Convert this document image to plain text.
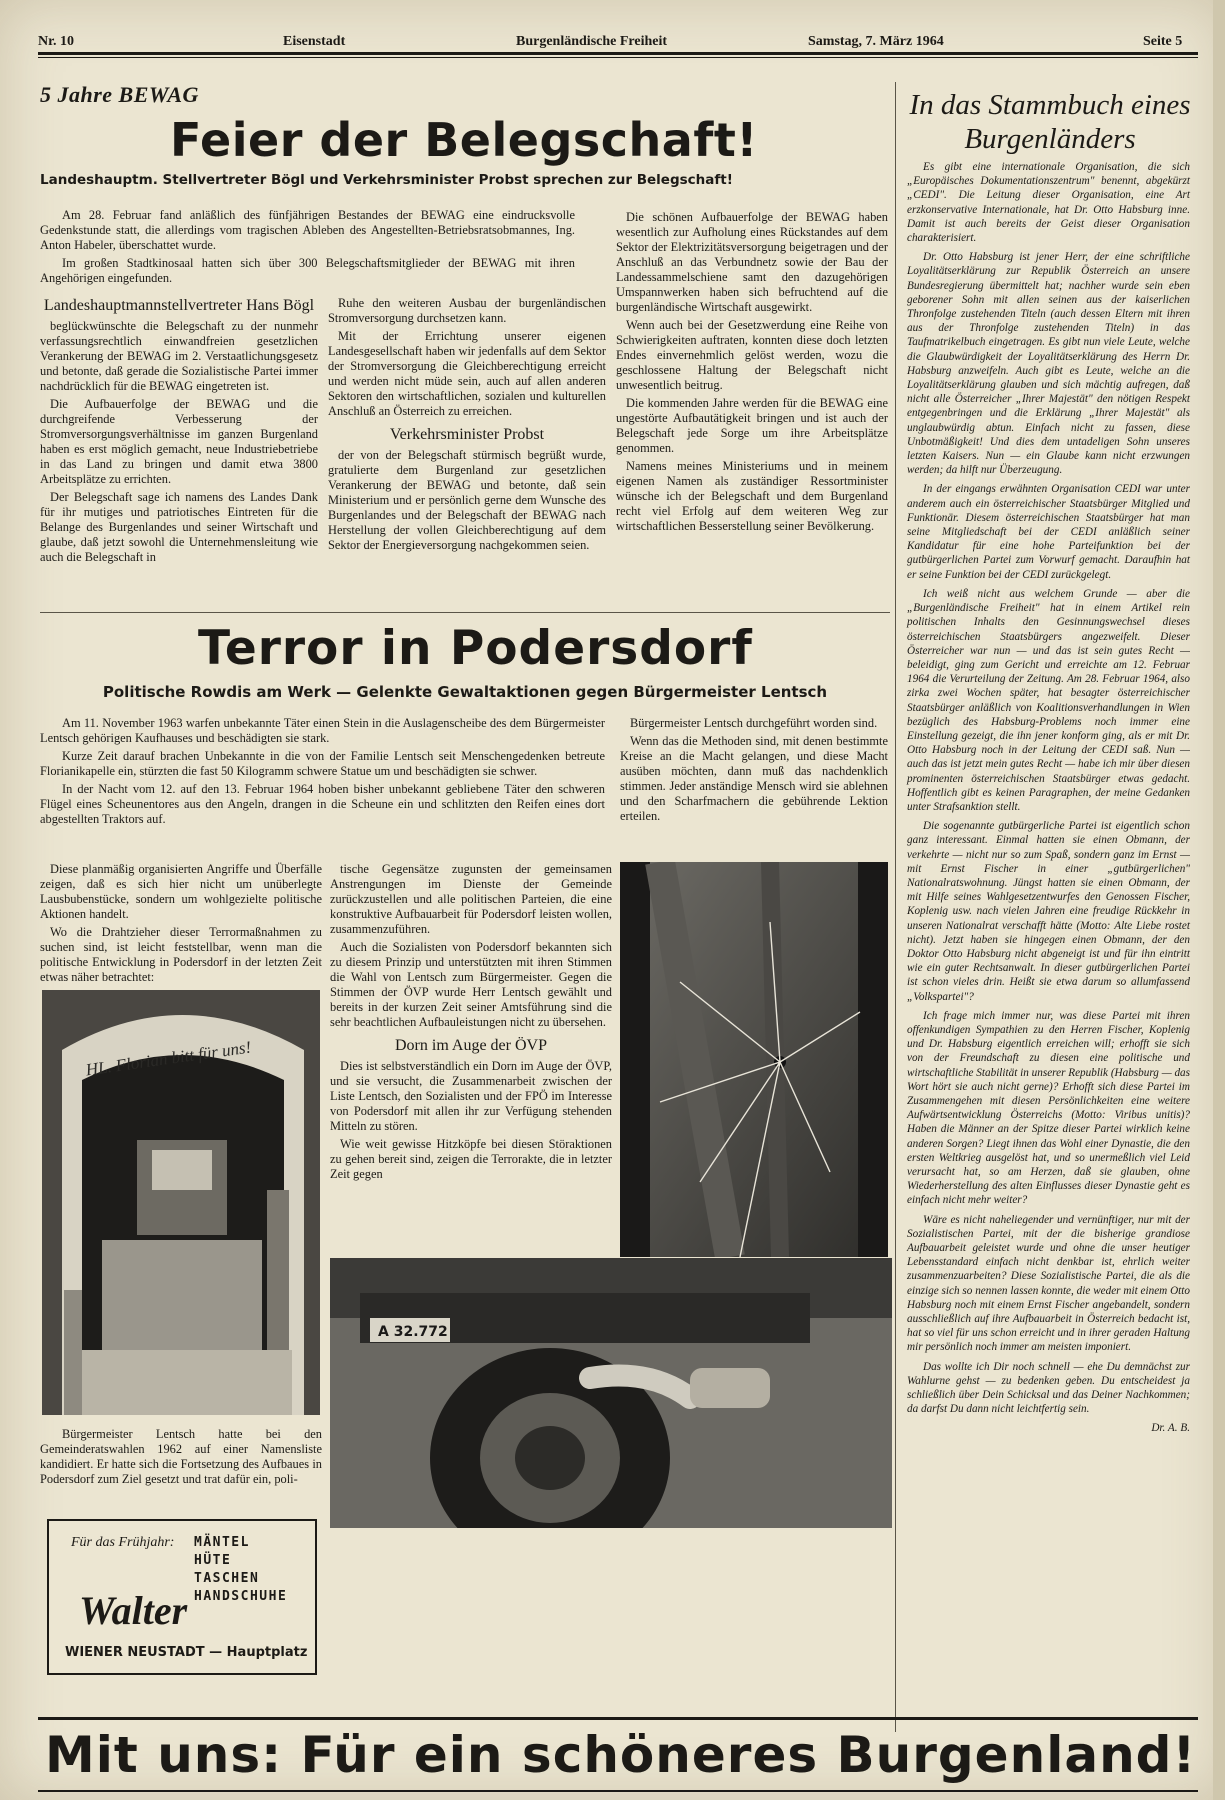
Nr. 10	Eisenstadt	Burgenländische Freiheit	Samstag, 7. März 1964	Seite 5
5 Jahre BEWAG
Feier der Belegschaft!
Landeshauptm. Stellvertreter Bögl und Verkehrsminister Probst sprechen zur Belegschaft!

Am 28. Februar fand anläßlich des fünfjährigen Bestandes der BEWAG eine eindrucksvolle Gedenkstunde statt, die allerdings vom tragischen Ableben des Angestellten-Betriebsratsobmannes, Ing. Anton Habeler, überschattet wurde.

Im großen Stadtkinosaal hatten sich über 300 Belegschaftsmitglieder der BEWAG mit ihren Angehörigen eingefunden.

Landeshauptmannstellvertreter Hans Bögl

beglückwünschte die Belegschaft zu der nunmehr verfassungsrechtlich einwandfreien gesetzlichen Verankerung der BEWAG im 2. Verstaatlichungsgesetz und betonte, daß gerade die Sozialistische Partei immer nachdrücklich für die BEWAG eingetreten ist.

Die Aufbauerfolge der BEWAG und die durchgreifende Verbesserung der Stromversorgungsverhältnisse im ganzen Burgenland haben es erst möglich gemacht, neue Industriebetriebe in das Land zu bringen und damit etwa 3800 Arbeitsplätze zu errichten.

Der Belegschaft sage ich namens des Landes Dank für ihr mutiges und patriotisches Eintreten für die Belange des Burgenlandes und seiner Wirtschaft und glaube, daß jetzt sowohl die Unternehmensleitung wie auch die Belegschaft in

Ruhe den weiteren Ausbau der burgenländischen Stromversorgung durchsetzen kann.

Mit der Errichtung unserer eigenen Landesgesellschaft haben wir jedenfalls auf dem Sektor der Stromversorgung die Gleichberechtigung erreicht und werden nicht müde sein, auch auf allen anderen Sektoren den wirtschaftlichen, sozialen und kulturellen Anschluß an Österreich zu erreichen.

Verkehrsminister Probst

der von der Belegschaft stürmisch begrüßt wurde, gratulierte dem Burgenland zur gesetzlichen Verankerung der BEWAG und betonte, daß sein Ministerium und er persönlich gerne dem Wunsche des Burgenlandes und der Belegschaft der BEWAG nach Herstellung der vollen Gleichberechtigung auf dem Sektor der Energieversorgung nachgekommen seien.

Die schönen Aufbauerfolge der BEWAG haben wesentlich zur Aufholung eines Rückstandes auf dem Sektor der Elektrizitätsversorgung beigetragen und der Anschluß an das Verbundnetz sowie der Bau der Landessammelschiene samt den dazugehörigen Umspannwerken haben sich befruchtend auf die burgenländische Wirtschaft ausgewirkt.

Wenn auch bei der Gesetzwerdung eine Reihe von Schwierigkeiten auftraten, konnten diese doch letzten Endes einvernehmlich gelöst werden, wozu die geschlossene Haltung der Belegschaft nicht unwesentlich beitrug.

Die kommenden Jahre werden für die BEWAG eine ungestörte Aufbautätigkeit bringen und ist auch der Belegschaft jede Sorge um ihre Arbeitsplätze genommen.

Namens meines Ministeriums und in meinem eigenen Namen als zuständiger Ressortminister wünsche ich der Belegschaft und dem Burgenland recht viel Erfolg auf dem weiteren Weg zur wirtschaftlichen Besserstellung seiner Bevölkerung.

In das Stammbuch eines Burgenländers

Es gibt eine internationale Organisation, die sich „Europäisches Dokumentationszentrum" benennt, abgekürzt „CEDI". Die Leitung dieser Organisation, eine Art erzkonservative Internationale, hat Dr. Otto Habsburg inne. Damit ist auch bereits der Geist dieser Organisation charakterisiert.

Dr. Otto Habsburg ist jener Herr, der eine schriftliche Loyalitätserklärung zur Republik Österreich an unsere Bundesregierung übermittelt hat; nachher wurde sein eben geborener Sohn mit allen seinen aus der kaiserlichen Thronfolge zustehenden Titeln (auch dessen Eltern mit ihren aus der Thronfolge zustehenden Titeln) in das Taufmatrikelbuch eingetragen. Es gibt nun viele Leute, welche die Glaubwürdigkeit der Loyalitätserklärung des Herrn Dr. Habsburg anzweifeln. Auch gibt es Leute, welche an die Loyalitätserklärung glauben und sich mächtig aufregen, daß nicht alle Österreicher „Ihrer Majestät" den nötigen Respekt entgegenbringen und die Erklärung „Ihrer Majestät" als unglaubwürdig abtun. Einfach nicht zu fassen, diese Unbotmäßigkeit! Und dies dem untadeligen Sohn unseres letzten Kaisers. Nun — ein Glaube kann nicht erzwungen werden; da hilft nur Überzeugung.

In der eingangs erwähnten Organisation CEDI war unter anderem auch ein österreichischer Staatsbürger Mitglied und Funktionär. Diesem österreichischen Staatsbürger hat man seine Mitgliedschaft bei der CEDI anläßlich seiner Kandidatur für eine hohe Parteifunktion bei der gutbürgerlichen Partei zum Vorwurf gemacht. Daraufhin hat er seine Funktion bei der CEDI zurückgelegt.

Ich weiß nicht aus welchem Grunde — aber die „Burgenländische Freiheit" hat in einem Artikel rein politischen Inhalts den Gesinnungswechsel dieses österreichischen Staatsbürgers angezweifelt. Dieser Österreicher war nun — und das ist sein gutes Recht — beleidigt, ging zum Gericht und erreichte am 12. Februar 1964 die Verurteilung der Zeitung. Am 28. Februar 1964, also zirka zwei Wochen später, hat besagter österreichischer Staatsbürger anläßlich von Koalitionsverhandlungen in Wien bezüglich des Habsburg-Problems noch immer eine Einstellung gezeigt, die ihn jener konform ging, als er mit Dr. Otto Habsburg noch in der Leitung der CEDI saß. Nun — auch das ist jetzt mein gutes Recht — habe ich mir über diesen prominenten österreichischen Staatsbürger etwas gedacht. Hoffentlich gibt es keinen Paragraphen, der meine Gedanken unter Strafsanktion stellt.

Die sogenannte gutbürgerliche Partei ist eigentlich schon ganz interessant. Einmal hatten sie einen Obmann, der verkehrte — nicht nur so zum Spaß, sondern ganz im Ernst — mit Ernst Fischer in einer „gutbürgerlichen" Nationalratswohnung. Jüngst hatten sie einen Obmann, der mit Hilfe seines Wahlgesetzentwurfes den Genossen Fischer, Koplenig usw. nach vielen Jahren eine freudige Rückkehr in unseren Nationalrat verschafft hätte (Motto: Alte Liebe rostet nicht). Jetzt haben sie hingegen einen Obmann, der den Doktor Otto Habsburg nicht abgeneigt ist und für ihn eintritt wie ein guter Rechtsanwalt. In dieser gutbürgerlichen Partei ist schon vieles drin. Heißt sie etwa darum so allumfassend „Volkspartei"?

Ich frage mich immer nur, was diese Partei mit ihren offenkundigen Sympathien zu den Herren Fischer, Koplenig und Dr. Habsburg eigentlich erreichen will; erhofft sie sich von der Freundschaft zu diesen eine politische und wirtschaftliche Stabilität in unserer Republik (Habsburg — das Wort hört sie auch nicht gerne)? Erhofft sich diese Partei im Zusammengehen mit diesen Persönlichkeiten eine weitere Aufwärtsentwicklung Österreichs (Motto: Viribus unitis)? Haben die Männer an der Spitze dieser Partei wirklich keine anderen Sorgen? Liegt ihnen das Wohl einer Dynastie, die den ersten Weltkrieg ausgelöst hat, und so unermeßlich viel Leid verursacht hat, so am Herzen, daß sie glauben, ohne Wiederherstellung des alten Einflusses dieser Dynastie geht es einfach nicht mehr weiter?

Wäre es nicht naheliegender und vernünftiger, nur mit der Sozialistischen Partei, mit der die bisherige grandiose Aufbauarbeit geleistet wurde und ohne die unser heutiger Lebensstandard einfach nicht denkbar ist, ehrlich weiter zusammenzuarbeiten? Diese Sozialistische Partei, die als die einzige sich so nennen lassen konnte, die weder mit einem Otto Habsburg noch mit einem Ernst Fischer angebandelt, sondern ausschließlich auf ihre Aufbauarbeit in Österreich bedacht ist, hat so viel für uns schon erreicht und in ihrer geraden Haltung mir persönlich noch immer am meisten imponiert.

Das wollte ich Dir noch schnell — ehe Du demnächst zur Wahlurne gehst — zu bedenken geben. Du entscheidest ja schließlich über Dein Schicksal und das Deiner Nachkommen; da darfst Du dann nicht leichtfertig sein.

Dr. A. B.

Terror in Podersdorf
Politische Rowdis am Werk — Gelenkte Gewaltaktionen gegen Bürgermeister Lentsch

Am 11. November 1963 warfen unbekannte Täter einen Stein in die Auslagenscheibe des dem Bürgermeister Lentsch gehörigen Kaufhauses und beschädigten sie stark.

Kurze Zeit darauf brachen Unbekannte in die von der Familie Lentsch seit Menschengedenken betreute Florianikapelle ein, stürzten die fast 50 Kilogramm schwere Statue um und beschädigten sie schwer.

In der Nacht vom 12. auf den 13. Februar 1964 hoben bisher unbekannt gebliebene Täter den schweren Flügel eines Scheunentores aus den Angeln, drangen in die Scheune ein und schlitzten den Reifen eines dort abgestellten Traktors auf.

Bürgermeister Lentsch durchgeführt worden sind.

Wenn das die Methoden sind, mit denen bestimmte Kreise an die Macht gelangen, und diese Macht ausüben möchten, dann muß das nachdenklich stimmen. Jeder anständige Mensch wird sie ablehnen und den Scharfmachern die gebührende Lektion erteilen.

Diese planmäßig organisierten Angriffe und Überfälle zeigen, daß es sich hier nicht um unüberlegte Lausbubenstücke, sondern um wohlgezielte politische Aktionen handelt.

Wo die Drahtzieher dieser Terrormaßnahmen zu suchen sind, ist leicht feststellbar, wenn man die politische Entwicklung in Podersdorf in der letzten Zeit etwas näher betrachtet:

tische Gegensätze zugunsten der gemeinsamen Anstrengungen im Dienste der Gemeinde zurückzustellen und alle politischen Parteien, die eine konstruktive Aufbauarbeit für Podersdorf leisten wollen, zusammenzuführen.

Auch die Sozialisten von Podersdorf bekannten sich zu diesem Prinzip und unterstützten mit ihren Stimmen die Wahl von Lentsch zum Bürgermeister. Gegen die Stimmen der ÖVP wurde Herr Lentsch gewählt und bereits in der kurzen Zeit seiner Amtsführung sind die sehr beachtlichen Aufbauleistungen nicht zu übersehen.

Dorn im Auge der ÖVP

Dies ist selbstverständlich ein Dorn im Auge der ÖVP, und sie versucht, die Zusammenarbeit zwischen der Liste Lentsch, den Sozialisten und der FPÖ im Interesse von Podersdorf mit allen ihr zur Verfügung stehenden Mitteln zu stören.

Wie weit gewisse Hitzköpfe bei diesen Störaktionen zu gehen bereit sind, zeigen die Terrorakte, die in letzter Zeit gegen

HL. Florian bitt für uns!

Bürgermeister Lentsch hatte bei den Gemeinderatswahlen 1962 auf einer Namensliste kandidiert. Er hatte sich die Fortsetzung des Aufbaues in Podersdorf zum Ziel gesetzt und trat dafür ein, poli-

A 32.772
Für das Frühjahr: MÄNTEL
HÜTE
TASCHEN
HANDSCHUHE
Walter
WIENER NEUSTADT — Hauptplatz
Mit uns: Für ein schöneres Burgenland!
